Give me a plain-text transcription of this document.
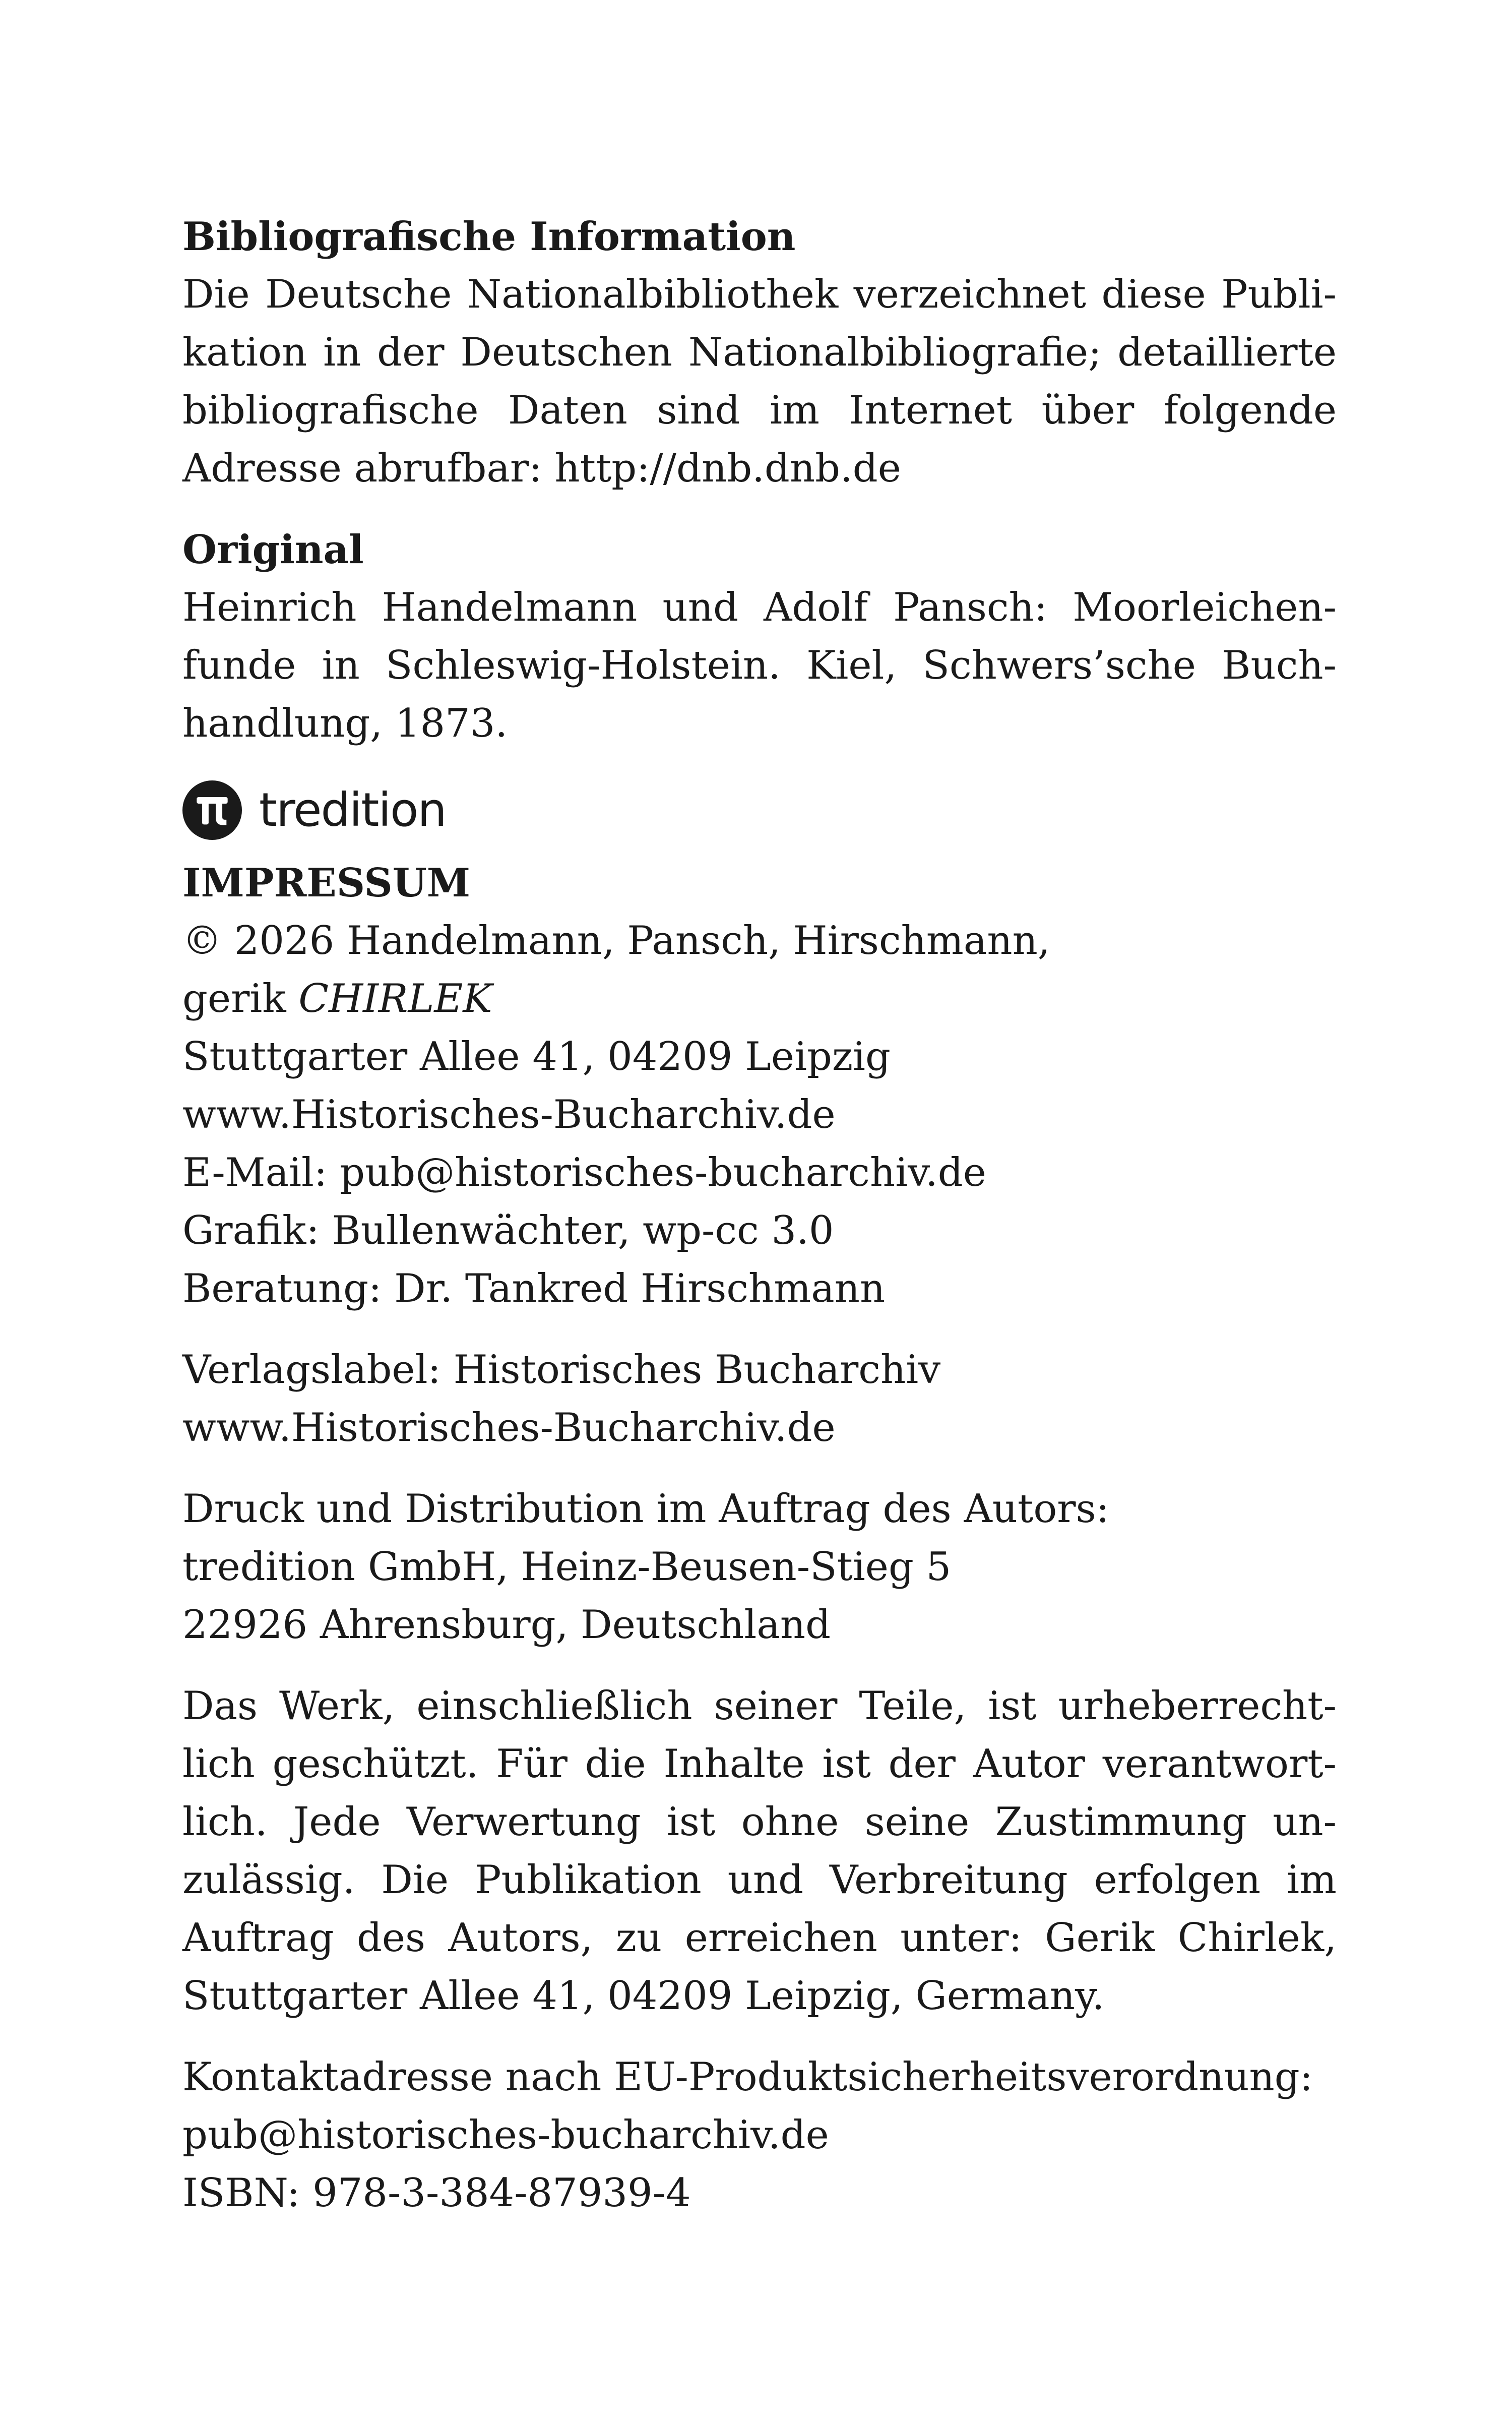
Bibliografische Information
Die Deutsche Nationalbibliothek verzeichnet diese Publi-
kation in der Deutschen Nationalbibliografie; detaillierte
bibliografische Daten sind im Internet über folgende
Adresse abrufbar: http://dnb.dnb.de
Original
Heinrich Handelmann und Adolf Pansch: Moorleichen-
funde in Schleswig-Holstein. Kiel, Schwers’sche Buch-
handlung, 1873.
tredition
IMPRESSUM
© 2026 Handelmann, Pansch, Hirschmann,
gerik CHIRLEK
Stuttgarter Allee 41, 04209 Leipzig
www.Historisches-Bucharchiv.de
E-Mail: pub@historisches-bucharchiv.de
Grafik: Bullenwächter, wp-cc 3.0
Beratung: Dr. Tankred Hirschmann
Verlagslabel: Historisches Bucharchiv
www.Historisches-Bucharchiv.de
Druck und Distribution im Auftrag des Autors:
tredition GmbH, Heinz-Beusen-Stieg 5
22926 Ahrensburg, Deutschland
Das Werk, einschließlich seiner Teile, ist urheberrecht-
lich geschützt. Für die Inhalte ist der Autor verantwort-
lich. Jede Verwertung ist ohne seine Zustimmung un-
zulässig. Die Publikation und Verbreitung erfolgen im
Auftrag des Autors, zu erreichen unter: Gerik Chirlek,
Stuttgarter Allee 41, 04209 Leipzig, Germany.
Kontaktadresse nach EU-Produktsicherheitsverordnung:
pub@historisches-bucharchiv.de
ISBN: 978-3-384-87939-4
